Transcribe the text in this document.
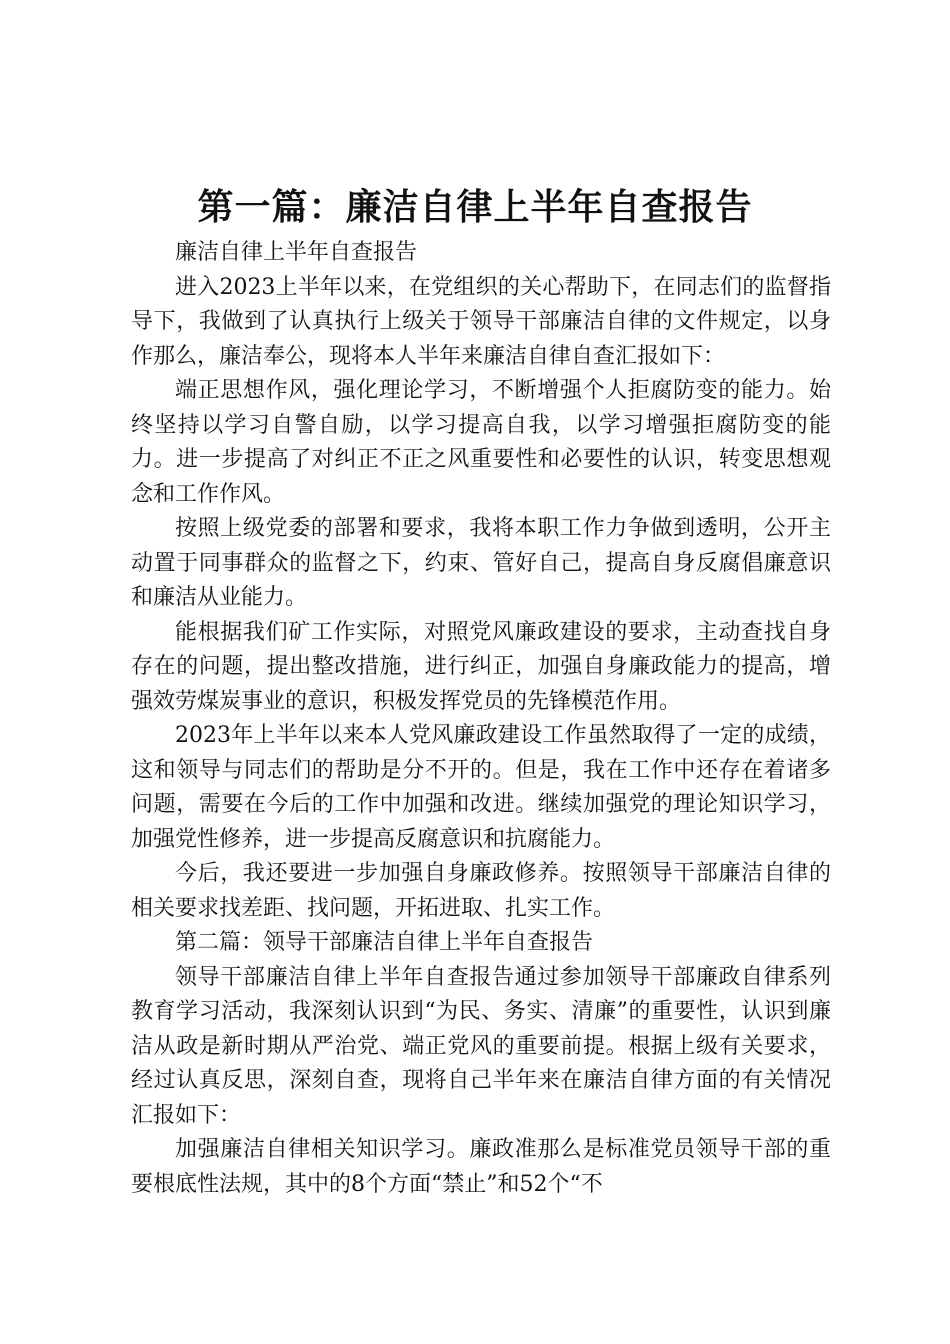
第一篇：廉洁自律上半年自查报告

廉洁自律上半年自查报告

进入2023上半年以来，在党组织的关心帮助下，在同志们的监督指导下，我做到了认真执行上级关于领导干部廉洁自律的文件规定，以身作那么，廉洁奉公，现将本人半年来廉洁自律自查汇报如下：

端正思想作风，强化理论学习，不断增强个人拒腐防变的能力。始终坚持以学习自警自励，以学习提高自我，以学习增强拒腐防变的能力。进一步提高了对纠正不正之风重要性和必要性的认识，转变思想观念和工作作风。

按照上级党委的部署和要求，我将本职工作力争做到透明，公开主动置于同事群众的监督之下，约束、管好自己，提高自身反腐倡廉意识和廉洁从业能力。

能根据我们矿工作实际，对照党风廉政建设的要求，主动查找自身存在的问题，提出整改措施，进行纠正，加强自身廉政能力的提高，增强效劳煤炭事业的意识，积极发挥党员的先锋模范作用。

2023年上半年以来本人党风廉政建设工作虽然取得了一定的成绩，这和领导与同志们的帮助是分不开的。但是，我在工作中还存在着诸多问题，需要在今后的工作中加强和改进。继续加强党的理论知识学习，加强党性修养，进一步提高反腐意识和抗腐能力。

今后，我还要进一步加强自身廉政修养。按照领导干部廉洁自律的相关要求找差距、找问题，开拓进取、扎实工作。

第二篇：领导干部廉洁自律上半年自查报告

领导干部廉洁自律上半年自查报告通过参加领导干部廉政自律系列教育学习活动，我深刻认识到“为民、务实、清廉”的重要性，认识到廉洁从政是新时期从严治党、端正党风的重要前提。根据上级有关要求，经过认真反思，深刻自查，现将自己半年来在廉洁自律方面的有关情况汇报如下：

加强廉洁自律相关知识学习。廉政准那么是标准党员领导干部的重要根底性法规，其中的8个方面“禁止”和52个“不
